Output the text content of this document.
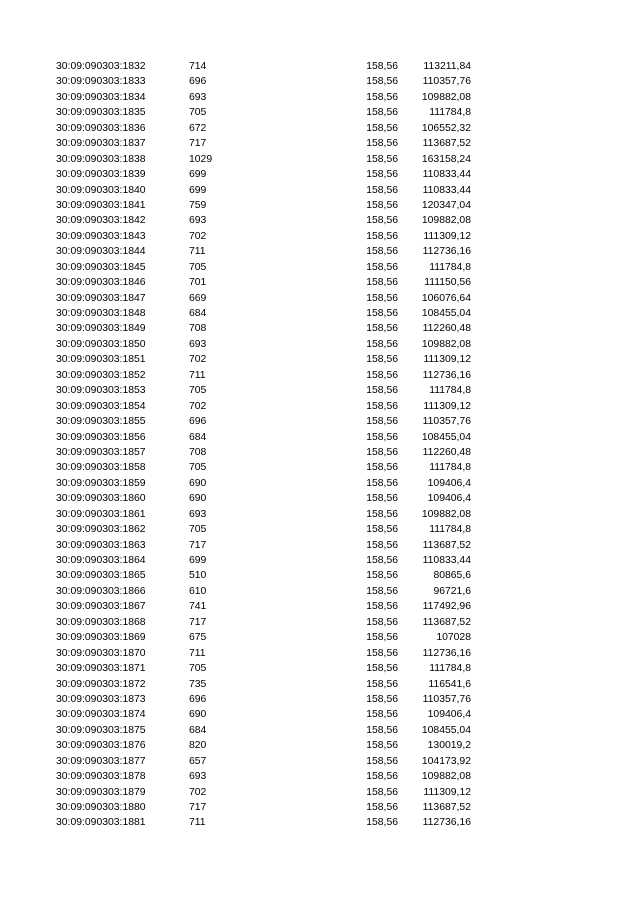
30:09:090303:1832	714	158,56	113211,84
30:09:090303:1833	696	158,56	110357,76
30:09:090303:1834	693	158,56	109882,08
30:09:090303:1835	705	158,56	111784,8
30:09:090303:1836	672	158,56	106552,32
30:09:090303:1837	717	158,56	113687,52
30:09:090303:1838	1029	158,56	163158,24
30:09:090303:1839	699	158,56	110833,44
30:09:090303:1840	699	158,56	110833,44
30:09:090303:1841	759	158,56	120347,04
30:09:090303:1842	693	158,56	109882,08
30:09:090303:1843	702	158,56	111309,12
30:09:090303:1844	711	158,56	112736,16
30:09:090303:1845	705	158,56	111784,8
30:09:090303:1846	701	158,56	111150,56
30:09:090303:1847	669	158,56	106076,64
30:09:090303:1848	684	158,56	108455,04
30:09:090303:1849	708	158,56	112260,48
30:09:090303:1850	693	158,56	109882,08
30:09:090303:1851	702	158,56	111309,12
30:09:090303:1852	711	158,56	112736,16
30:09:090303:1853	705	158,56	111784,8
30:09:090303:1854	702	158,56	111309,12
30:09:090303:1855	696	158,56	110357,76
30:09:090303:1856	684	158,56	108455,04
30:09:090303:1857	708	158,56	112260,48
30:09:090303:1858	705	158,56	111784,8
30:09:090303:1859	690	158,56	109406,4
30:09:090303:1860	690	158,56	109406,4
30:09:090303:1861	693	158,56	109882,08
30:09:090303:1862	705	158,56	111784,8
30:09:090303:1863	717	158,56	113687,52
30:09:090303:1864	699	158,56	110833,44
30:09:090303:1865	510	158,56	80865,6
30:09:090303:1866	610	158,56	96721,6
30:09:090303:1867	741	158,56	117492,96
30:09:090303:1868	717	158,56	113687,52
30:09:090303:1869	675	158,56	107028
30:09:090303:1870	711	158,56	112736,16
30:09:090303:1871	705	158,56	111784,8
30:09:090303:1872	735	158,56	116541,6
30:09:090303:1873	696	158,56	110357,76
30:09:090303:1874	690	158,56	109406,4
30:09:090303:1875	684	158,56	108455,04
30:09:090303:1876	820	158,56	130019,2
30:09:090303:1877	657	158,56	104173,92
30:09:090303:1878	693	158,56	109882,08
30:09:090303:1879	702	158,56	111309,12
30:09:090303:1880	717	158,56	113687,52
30:09:090303:1881	711	158,56	112736,16
